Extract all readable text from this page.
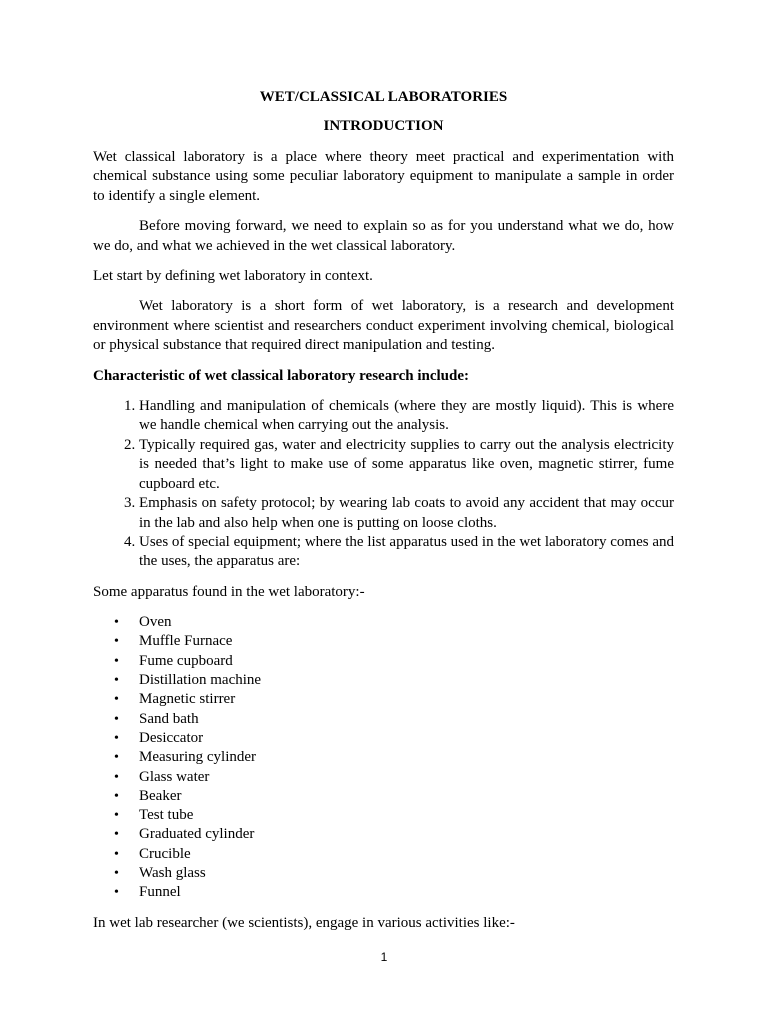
WET/CLASSICAL LABORATORIES
INTRODUCTION

Wet classical laboratory is a place where theory meet practical and experimentation with chemical substance using some peculiar laboratory equipment to manipulate a sample in order to identify a single element.

Before moving forward, we need to explain so as for you understand what we do, how we do, and what we achieved in the wet classical laboratory.

Let start by defining wet laboratory in context.

Wet laboratory is a short form of wet laboratory, is a research and development environment where scientist and researchers conduct experiment involving chemical, biological or physical substance that required direct manipulation and testing.

Characteristic of wet classical laboratory research include:
1. Handling and manipulation of chemicals (where they are mostly liquid). This is where we handle chemical when carrying out the analysis.
2. Typically required gas, water and electricity supplies to carry out the analysis electricity is needed that’s light to make use of some apparatus like oven, magnetic stirrer, fume cupboard etc.
3. Emphasis on safety protocol; by wearing lab coats to avoid any accident that may occur in the lab and also help when one is putting on loose cloths.
4. Uses of special equipment; where the list apparatus used in the wet laboratory comes and the uses, the apparatus are:

Some apparatus found in the wet laboratory:-

• Oven
• Muffle Furnace
• Fume cupboard
• Distillation machine
• Magnetic stirrer
• Sand bath
• Desiccator
• Measuring cylinder
• Glass water
• Beaker
• Test tube
• Graduated cylinder
• Crucible
• Wash glass
• Funnel

In wet lab researcher (we scientists), engage in various activities like:-

1
